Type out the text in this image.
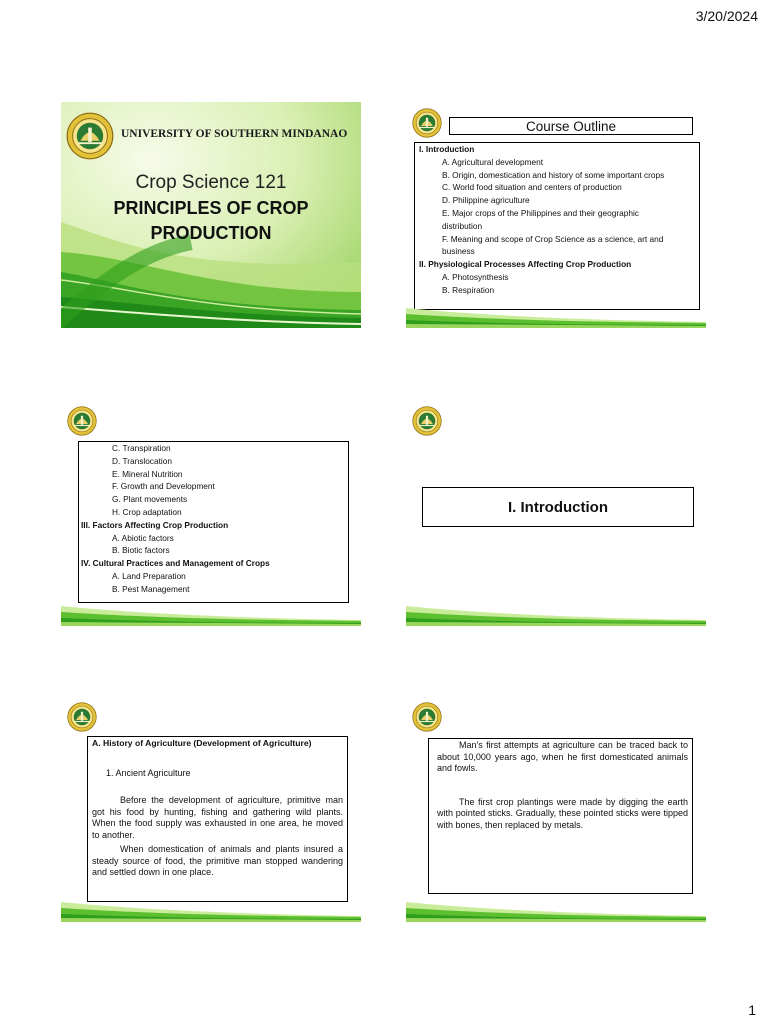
3/20/2024
UNIVERSITY OF SOUTHERN MINDANAO
Crop Science 121
PRINCIPLES OF CROP
PRODUCTION
Course Outline
I. Introduction
A. Agricultural development
B. Origin, domestication and history of some important crops
C. World food situation and centers of production
D. Philippine agriculture
E. Major crops of the Philippines and their geographic
distribution
F. Meaning and scope of Crop Science as a science, art and
business
II. Physiological Processes Affecting Crop Production
A. Photosynthesis
B. Respiration
C. Transpiration
D. Translocation
E. Mineral Nutrition
F. Growth and Development
G. Plant movements
H. Crop adaptation
III. Factors Affecting Crop Production
A. Abiotic factors
B. Biotic factors
IV. Cultural Practices and Management of Crops
A. Land Preparation
B. Pest Management
I. Introduction
A. History of Agriculture (Development of Agriculture)
1. Ancient Agriculture

Before the development of agriculture, primitive man got his food by hunting, fishing and gathering wild plants. When the food supply was exhausted in one area, he moved to another.

When domestication of animals and plants insured a steady source of food, the primitive man stopped wandering and settled down in one place.

Man's first attempts at agriculture can be traced back to about 10,000 years ago, when he first domesticated animals and fowls.

The first crop plantings were made by digging the earth with pointed sticks. Gradually, these pointed sticks were tipped with bones, then replaced by metals.

1
